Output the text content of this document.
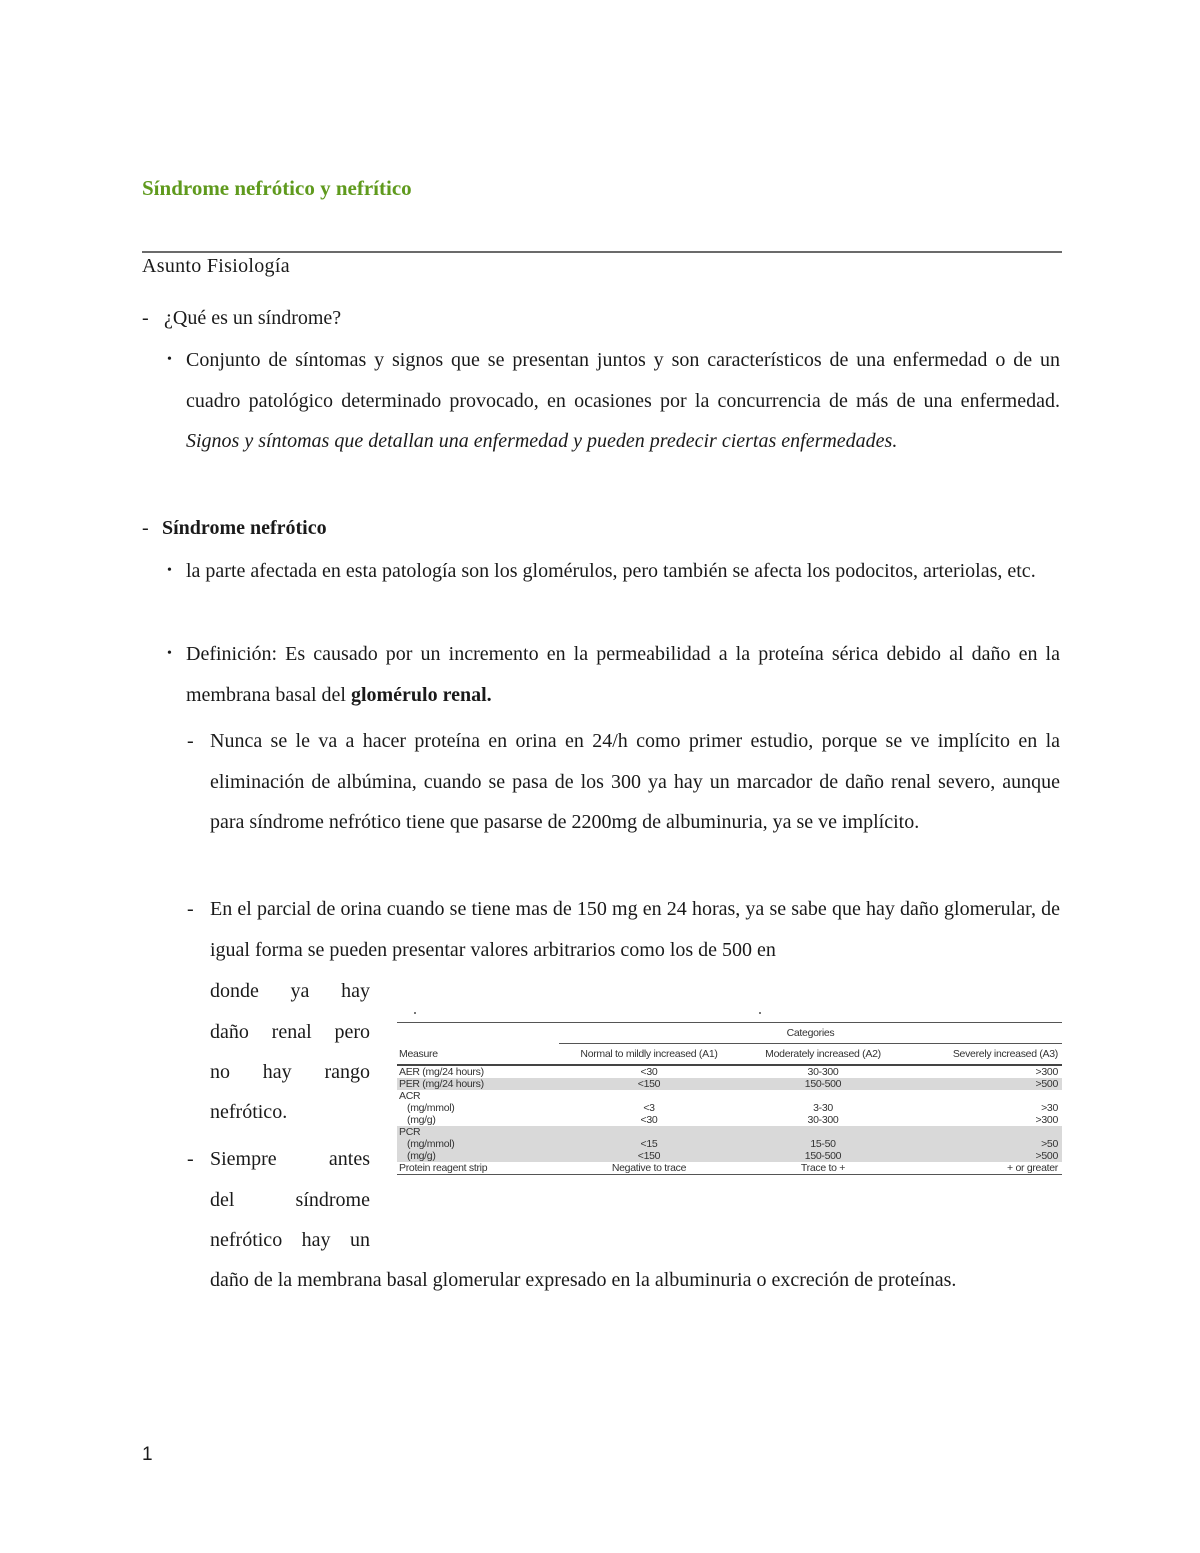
Síndrome nefrótico y nefrítico
Asunto Fisiología
- ¿Qué es un síndrome?
• Conjunto de síntomas y signos que se presentan juntos y son característicos de una enfermedad o de un cuadro patológico determinado provocado, en ocasiones por la concurrencia de más de una enfermedad. Signos y síntomas que detallan una enfermedad y pueden predecir ciertas enfermedades.
- Síndrome nefrótico
• la parte afectada en esta patología son los glomérulos, pero también se afecta los podocitos, arteriolas, etc.
• Definición: Es causado por un incremento en la permeabilidad a la proteína sérica debido al daño en la membrana basal del glomérulo renal.
- Nunca se le va a hacer proteína en orina en 24/h como primer estudio, porque se ve implícito en la eliminación de albúmina, cuando se pasa de los 300 ya hay un marcador de daño renal severo, aunque para síndrome nefrótico tiene que pasarse de 2200mg de albuminuria, ya se ve implícito.
- En el parcial de orina cuando se tiene mas de 150 mg en 24 horas, ya se sabe que hay daño glomerular, de igual forma se pueden presentar valores arbitrarios como los de 500 en
donde ya hay
daño renal pero
no hay rango
nefrótico.
- Siempre antes
del síndrome
nefrótico hay un
daño de la membrana basal glomerular expresado en la albuminuria o excreción de proteínas.
	Categories		
Measure	Normal to mildly increased (A1)	Moderately increased (A2)	Severely increased (A3)
AER (mg/24 hours)	<30	30-300	>300
PER (mg/24 hours)	<150	150-500	>500
ACR			
(mg/mmol)	<3	3-30	>30
(mg/g)	<30	30-300	>300
PCR			
(mg/mmol)	<15	15-50	>50
(mg/g)	<150	150-500	>500
Protein reagent strip	Negative to trace	Trace to +	+ or greater
1
